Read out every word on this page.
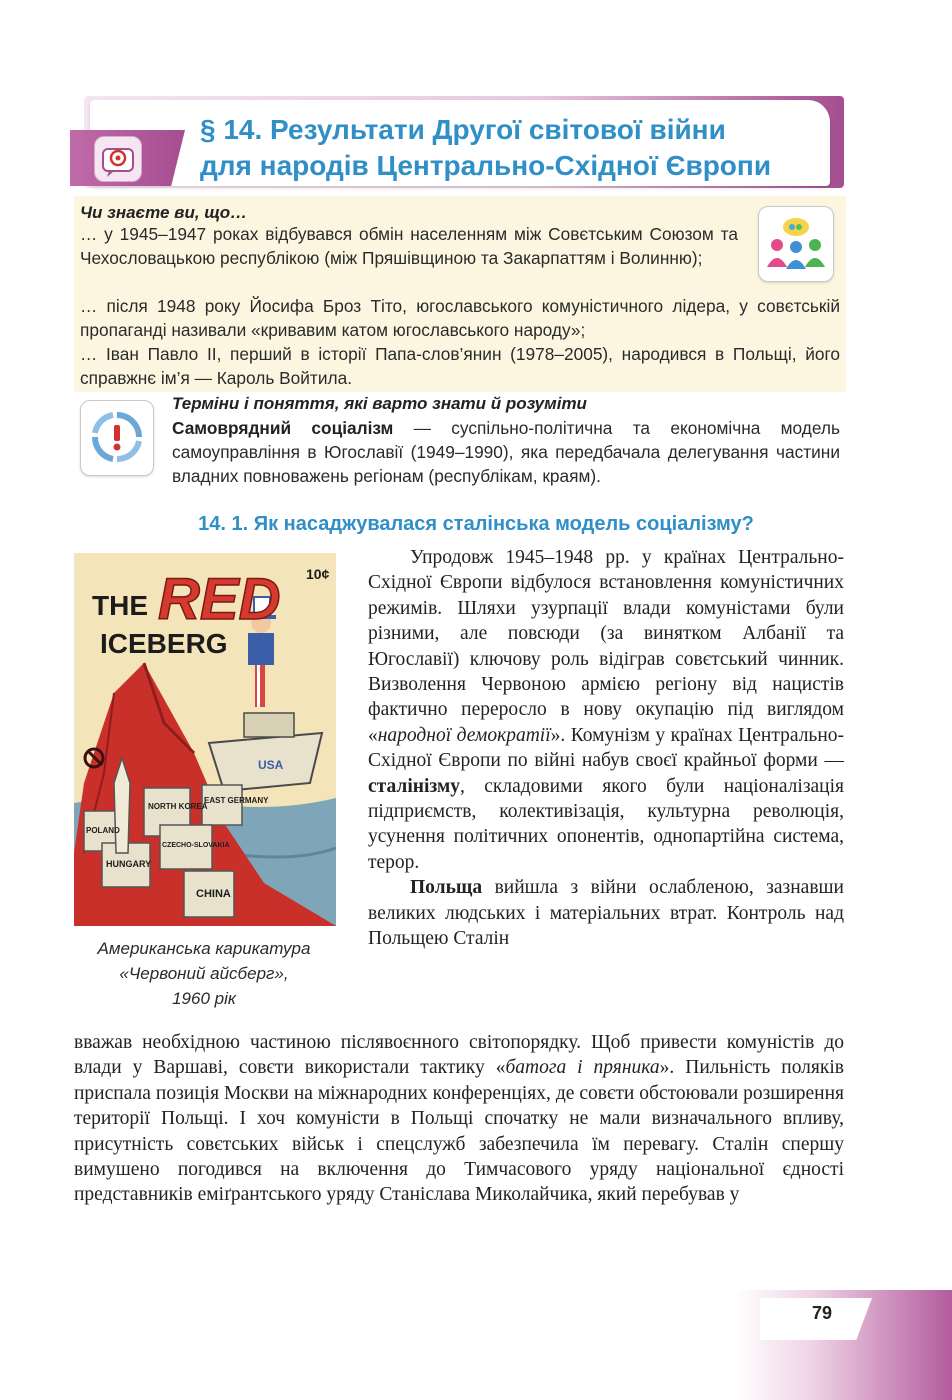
§ 14. Результати Другої світової війни
для народів Центрально-Східної Європи
Чи знаєте ви, що…

… у 1945–1947 роках відбувався обмін населенням між Совєтським Союзом та Чехословацькою республікою (між Пряшівщиною та Закарпаттям і Волинню);

… після 1948 року Йосифа Броз Тіто, югославського комуністичного лідера, у совєтській пропаганді називали «кривавим катом югославського народу»;

… Іван Павло II, перший в історії Папа-слов’янин (1978–2005), народився в Польщі, його справжнє ім’я — Кароль Войтила.

Терміни і поняття, які варто знати й розуміти

Самоврядний соціалізм — суспільно-політична та економічна модель самоуправління в Югославії (1949–1990), яка передбачала делегування частини владних повноважень регіонам (республікам, краям).

14. 1. Як насаджувалася сталінська модель соціалізму?
THE RED
ICEBERG
10¢
USA
NORTH KOREA
EAST GERMANY
POLAND
CZECHO-SLOVAKIA
HUNGARY
CHINA
Американська карикатура
«Червоний айсберг»,
1960 рік

Упродовж 1945–1948 рр. у країнах Центрально-Східної Європи відбулося встановлення комуністичних режимів. Шляхи узурпації влади комуністами були різними, але повсюди (за винятком Албанії та Югославії) ключову роль відіграв совєтський чинник. Визволення Червоною армією регіону від нацистів фактично переросло в нову окупацію під виглядом «народної демократії». Комунізм у країнах Центрально-Східної Європи по війні набув своєї крайньої форми — сталінізму, складовими якого були націоналізація підприємств, колективізація, культурна революція, усунення політичних опонентів, однопартійна система, терор.

Польща вийшла з війни ослабленою, зазнавши великих людських і матеріальних втрат. Контроль над Польщею Сталін

вважав необхідною частиною післявоєнного світопорядку. Щоб привести комуністів до влади у Варшаві, совєти використали тактику «батога і пряника». Пильність поляків приспала позиція Москви на міжнародних конференціях, де совєти обстоювали розширення території Польщі. І хоч комуністи в Польщі спочатку не мали визначального впливу, присутність совєтських військ і спецслужб забезпечила їм перевагу. Сталін спершу вимушено погодився на включення до Тимчасового уряду національної єдності представників еміґрантського уряду Станіслава Миколайчика, який перебував у

79
